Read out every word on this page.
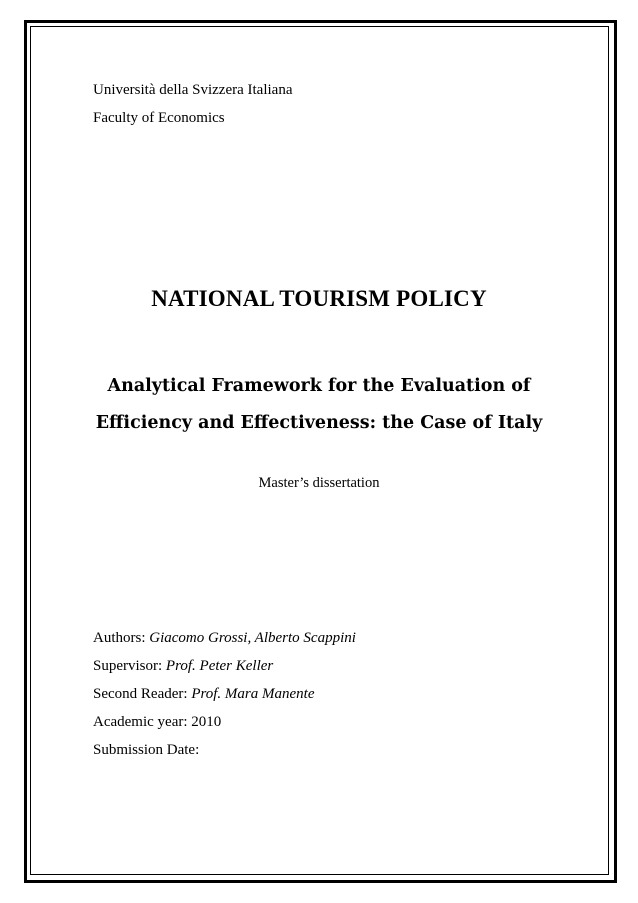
Università della Svizzera Italiana
Faculty of Economics
NATIONAL TOURISM POLICY
Analytical Framework for the Evaluation of
Efficiency and Effectiveness: the Case of Italy
Master’s dissertation
Authors: Giacomo Grossi, Alberto Scappini
Supervisor: Prof. Peter Keller
Second Reader: Prof. Mara Manente
Academic year: 2010
Submission Date:
